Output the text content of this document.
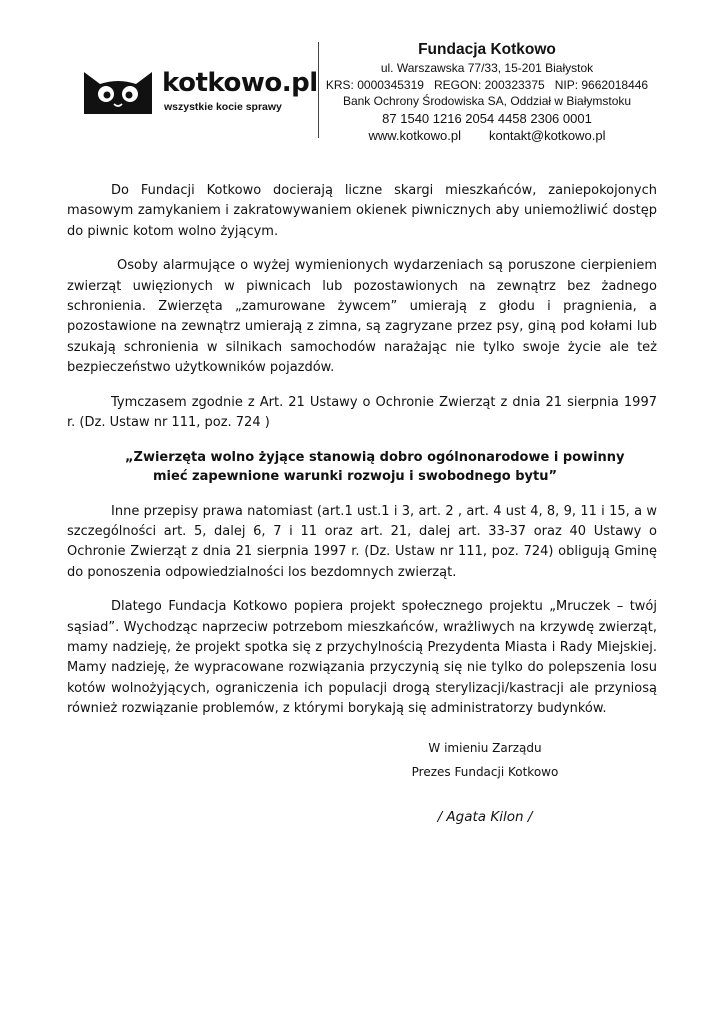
kotkowo.pl
wszystkie kocie sprawy
Fundacja Kotkowo
ul. Warszawska 77/33, 15-201 Białystok
KRS: 0000345319   REGON: 200323375   NIP: 9662018446
Bank Ochrony Środowiska SA, Oddział w Białymstoku
87 1540 1216 2054 4458 2306 0001
www.kotkowo.pl kontakt@kotkowo.pl

Do Fundacji Kotkowo docierają liczne skargi mieszkańców, zaniepokojonych masowym zamykaniem i zakratowywaniem okienek piwnicznych aby uniemożliwić dostęp do piwnic kotom wolno żyjącym.

Osoby alarmujące o wyżej wymienionych wydarzeniach są poruszone cierpieniem zwierząt uwięzionych w piwnicach lub pozostawionych na zewnątrz bez żadnego schronienia. Zwierzęta „zamurowane żywcem” umierają z głodu i pragnienia, a pozostawione na zewnątrz umierają z zimna, są zagryzane przez psy, giną pod kołami lub szukają schronienia w silnikach samochodów narażając nie tylko swoje życie ale też bezpieczeństwo użytkowników pojazdów.

Tymczasem zgodnie z Art. 21 Ustawy o Ochronie Zwierząt z dnia 21 sierpnia 1997 r. (Dz. Ustaw nr 111, poz. 724 )

„Zwierzęta wolno żyjące stanowią dobro ogólnonarodowe i powinny
mieć zapewnione warunki rozwoju i swobodnego bytu”

Inne przepisy prawa natomiast (art.1 ust.1 i 3, art. 2 , art. 4 ust 4, 8, 9, 11 i 15, a w szczególności art. 5, dalej 6, 7 i 11 oraz art. 21, dalej art. 33-37 oraz 40 Ustawy o Ochronie Zwierząt z dnia 21 sierpnia 1997 r. (Dz. Ustaw nr 111, poz. 724) obligują Gminę do ponoszenia odpowiedzialności los bezdomnych zwierząt.

Dlatego Fundacja Kotkowo popiera projekt społecznego projektu „Mruczek – twój sąsiad”. Wychodząc naprzeciw potrzebom mieszkańców, wrażliwych na krzywdę zwierząt, mamy nadzieję, że projekt spotka się z przychylnością Prezydenta Miasta i Rady Miejskiej. Mamy nadzieję, że wypracowane rozwiązania przyczynią się nie tylko do polepszenia losu kotów wolnożyjących, ograniczenia ich populacji drogą sterylizacji/kastracji ale przyniosą również rozwiązanie problemów, z którymi borykają się administratorzy budynków.

W imieniu Zarządu
Prezes Fundacji Kotkowo
/ Agata Kilon /
